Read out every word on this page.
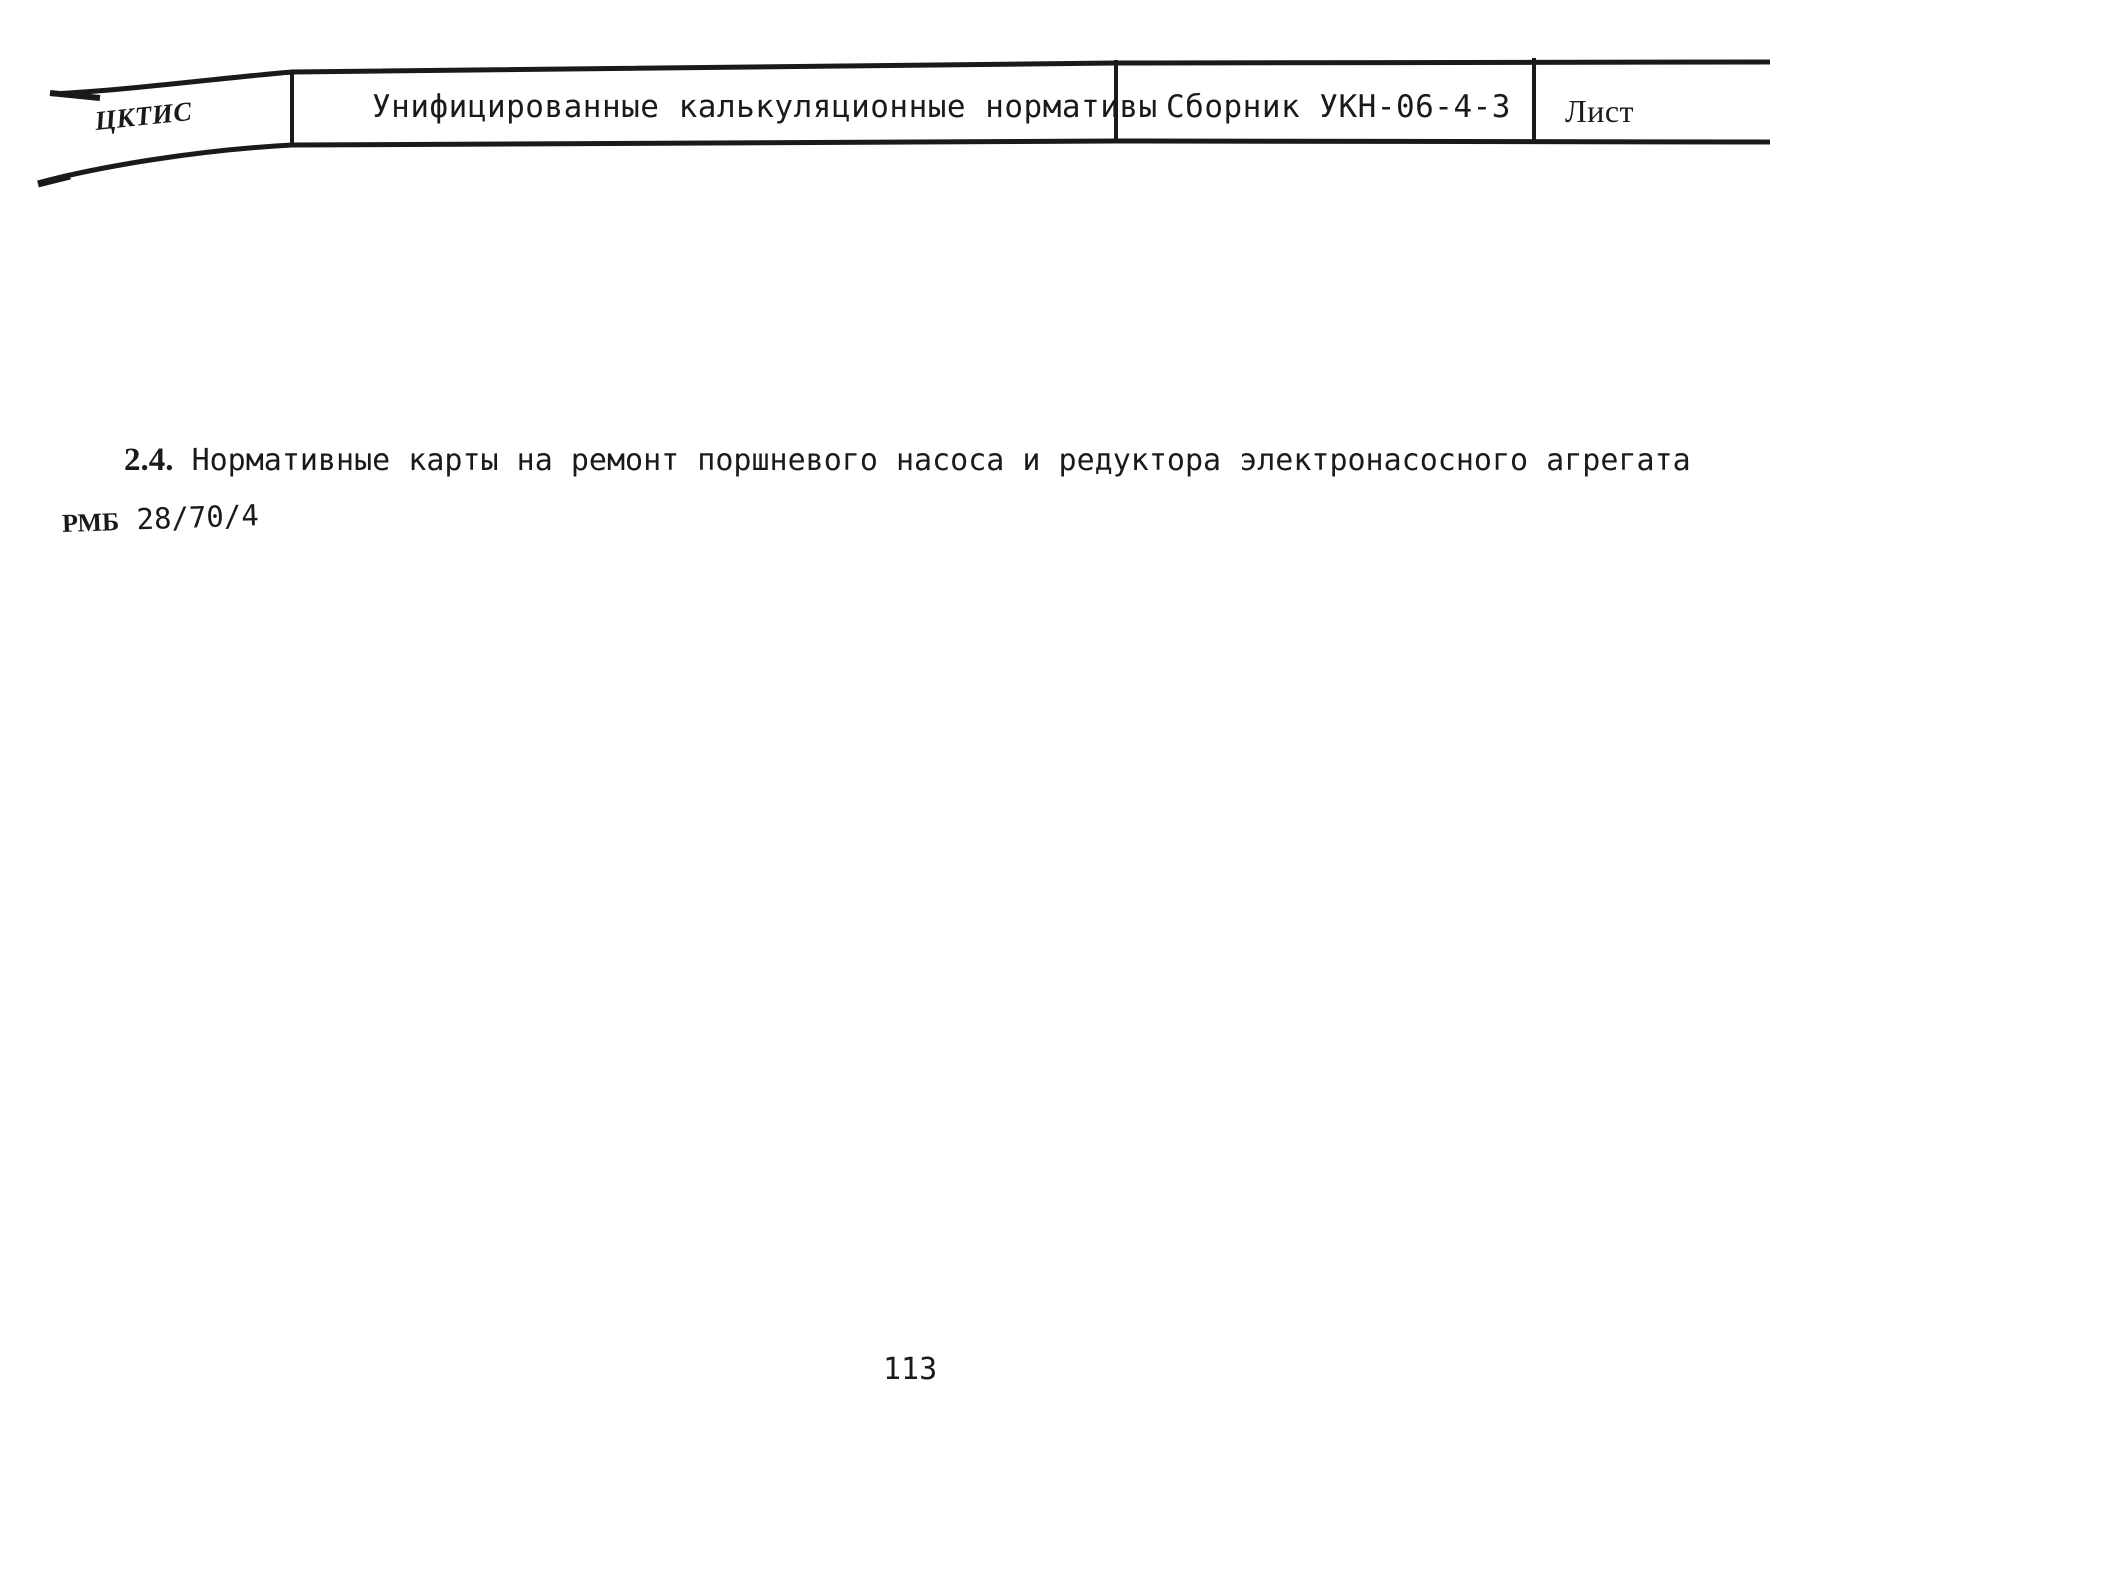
ЦКТИС	Унифицированные калькуляционные нормативы Сборник УКН-06-4-3 Лист
2.4. Нормативные карты на ремонт поршневого насоса и редуктора электронасосного агрегата
РМБ 28/70/4
113
